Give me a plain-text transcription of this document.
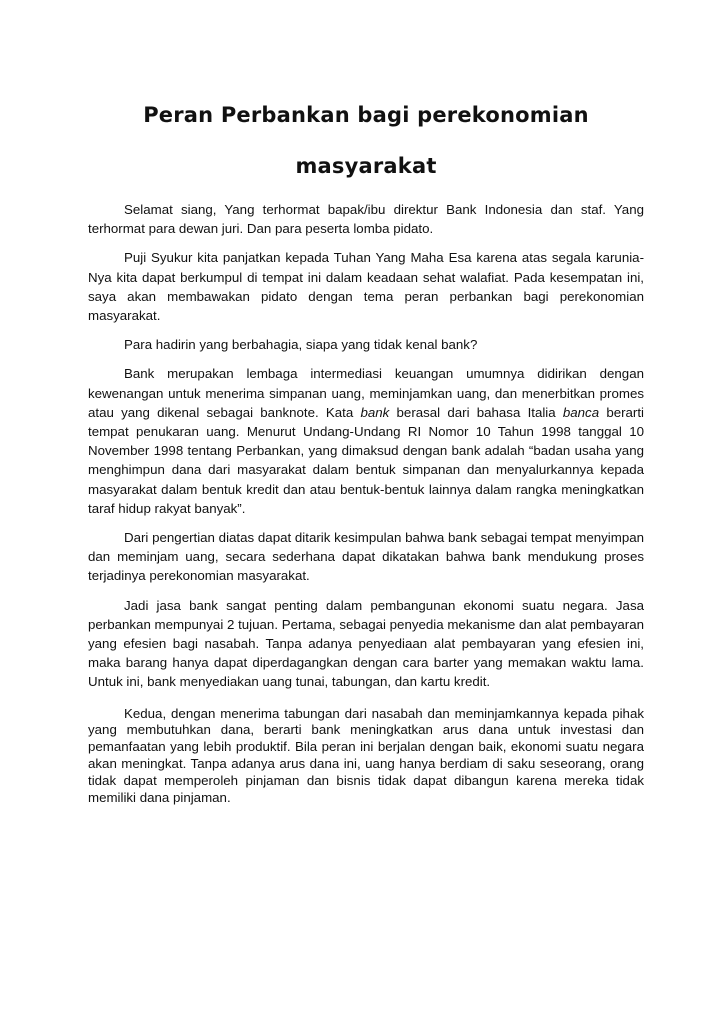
Peran Perbankan bagi perekonomian
masyarakat

Selamat siang, Yang terhormat bapak/ibu direktur Bank Indonesia dan staf. Yang terhormat para dewan juri. Dan para peserta lomba pidato.

Puji Syukur kita panjatkan kepada Tuhan Yang Maha Esa karena atas segala karunia-Nya kita dapat berkumpul di tempat ini dalam keadaan sehat walafiat. Pada kesempatan ini, saya akan membawakan pidato dengan tema peran perbankan bagi perekonomian masyarakat.

Para hadirin yang berbahagia, siapa yang tidak kenal bank?

Bank merupakan lembaga intermediasi keuangan umumnya didirikan dengan kewenangan untuk menerima simpanan uang, meminjamkan uang, dan menerbitkan promes atau yang dikenal sebagai banknote. Kata bank berasal dari bahasa Italia banca berarti tempat penukaran uang. Menurut Undang-Undang RI Nomor 10 Tahun 1998 tanggal 10 November 1998 tentang Perbankan, yang dimaksud dengan bank adalah “badan usaha yang menghimpun dana dari masyarakat dalam bentuk simpanan dan menyalurkannya kepada masyarakat dalam bentuk kredit dan atau bentuk-bentuk lainnya dalam rangka meningkatkan taraf hidup rakyat banyak”.

Dari pengertian diatas dapat ditarik kesimpulan bahwa bank sebagai tempat menyimpan dan meminjam uang, secara sederhana dapat dikatakan bahwa bank mendukung proses terjadinya perekonomian masyarakat.

Jadi jasa bank sangat penting dalam pembangunan ekonomi suatu negara. Jasa perbankan mempunyai 2 tujuan. Pertama, sebagai penyedia mekanisme dan alat pembayaran yang efesien bagi nasabah. Tanpa adanya penyediaan alat pembayaran yang efesien ini, maka barang hanya dapat diperdagangkan dengan cara barter yang memakan waktu lama. Untuk ini, bank menyediakan uang tunai, tabungan, dan kartu kredit.

Kedua, dengan menerima tabungan dari nasabah dan meminjamkannya kepada pihak yang membutuhkan dana, berarti bank meningkatkan arus dana untuk investasi dan pemanfaatan yang lebih produktif. Bila peran ini berjalan dengan baik, ekonomi suatu negara akan meningkat. Tanpa adanya arus dana ini, uang hanya berdiam di saku seseorang, orang tidak dapat memperoleh pinjaman dan bisnis tidak dapat dibangun karena mereka tidak memiliki dana pinjaman.
